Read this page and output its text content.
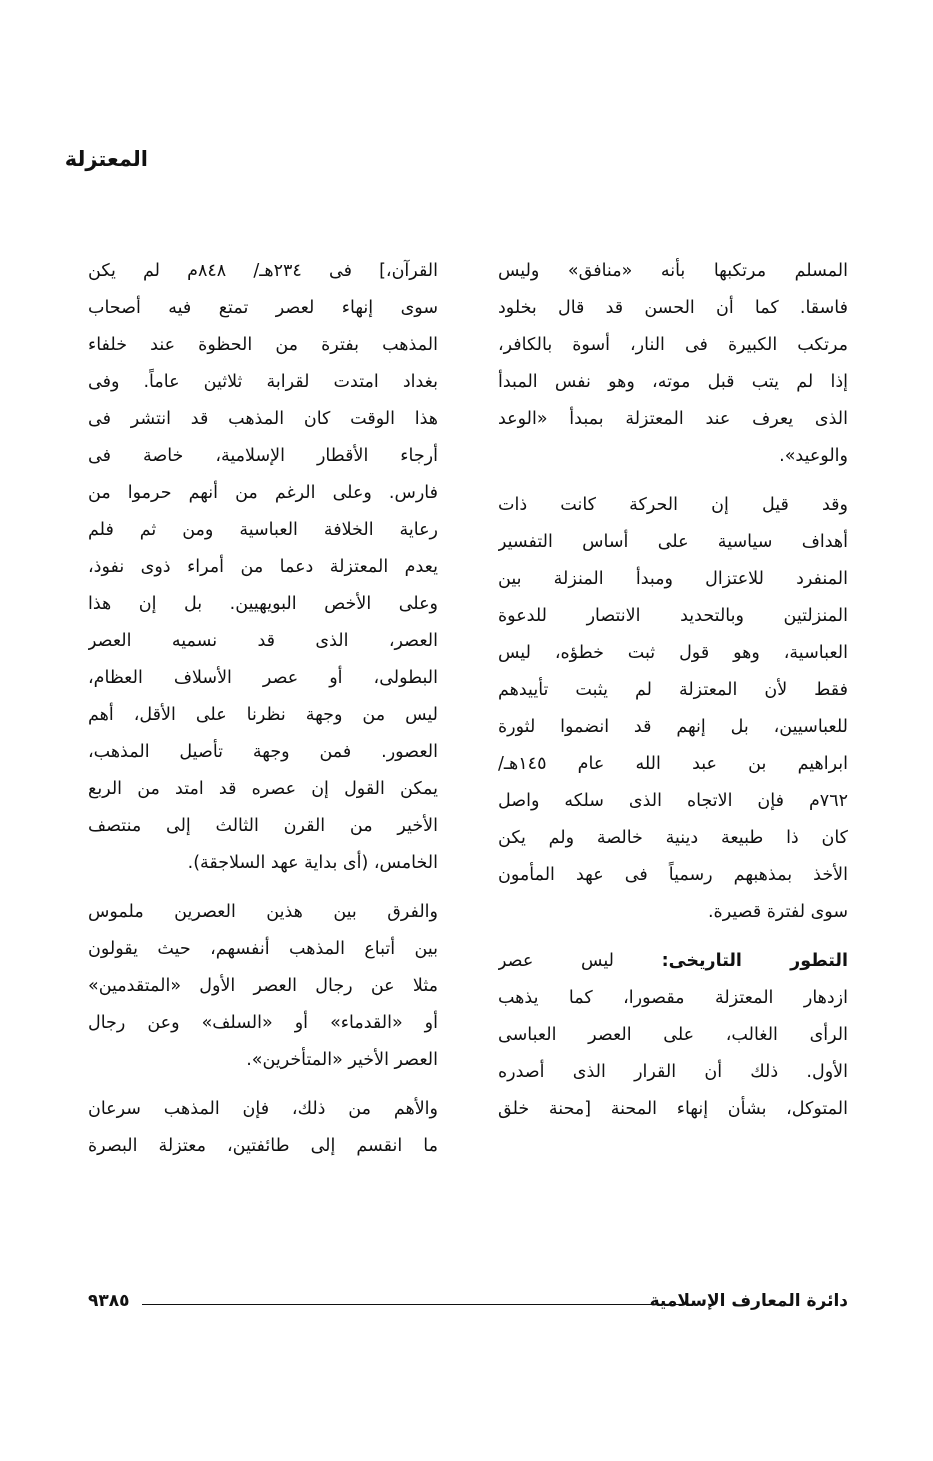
المعتزلة
المسلم مرتكبها بأنه «منافق» وليس
فاسقا. كما أن الحسن قد قال بخلود
مرتكب الكبيرة فى النار، أسوة بالكافر،
إذا لم يتب قبل موته، وهو نفس المبدأ
الذى يعرف عند المعتزلة بمبدأ «الوعد
والوعيد».
وقد قيل إن الحركة كانت ذات
أهداف سياسية على أساس التفسير
المنفرد للاعتزال ومبدأ المنزلة بين
المنزلتين وبالتحديد الانتصار للدعوة
العباسية، وهو قول ثبت خطؤه، ليس
فقط لأن المعتزلة لم يثبت تأييدهم
للعباسيين، بل إنهم قد انضموا لثورة
ابراهيم بن عبد الله عام ١٤٥هـ/
٧٦٢م فإن الاتجاه الذى سلكه واصل
كان ذا طبيعة دينية خالصة ولم يكن
الأخذ بمذهبهم رسمياً فى عهد المأمون
سوى لفترة قصيرة.
التطور التاريخى: ليس عصر
ازدهار المعتزلة مقصورا، كما يذهب
الرأى الغالب، على العصر العباسى
الأول. ذلك أن القرار الذى أصدره
المتوكل، بشأن إنهاء المحنة [محنة خلق
القرآن،] فى ٢٣٤هـ/ ٨٤٨م لم يكن
سوى إنهاء لعصر تمتع فيه أصحاب
المذهب بفترة من الحظوة عند خلفاء
بغداد امتدت لقرابة ثلاثين عاماً. وفى
هذا الوقت كان المذهب قد انتشر فى
أرجاء الأقطار الإسلامية، خاصة فى
فارس. وعلى الرغم من أنهم حرموا من
رعاية الخلافة العباسية ومن ثم فلم
يعدم المعتزلة دعما من أمراء ذوى نفوذ،
وعلى الأخص البويهيين. بل إن هذا
العصر، الذى قد نسميه العصر
البطولى، أو عصر الأسلاف العظام،
ليس من وجهة نظرنا على الأقل، أهم
العصور. فمن وجهة تأصيل المذهب،
يمكن القول إن عصره قد امتد من الربع
الأخير من القرن الثالث إلى منتصف
الخامس، (أى بداية عهد السلاجقة).
والفرق بين هذين العصرين ملموس
بين أتباع المذهب أنفسهم، حيث يقولون
مثلا عن رجال العصر الأول «المتقدمين»
أو «القدماء» أو «السلف» وعن رجال
العصر الأخير «المتأخرين».
والأهم من ذلك، فإن المذهب سرعان
ما انقسم إلى طائفتين، معتزلة البصرة
٩٣٨٥	دائرة المعارف الإسلامية
